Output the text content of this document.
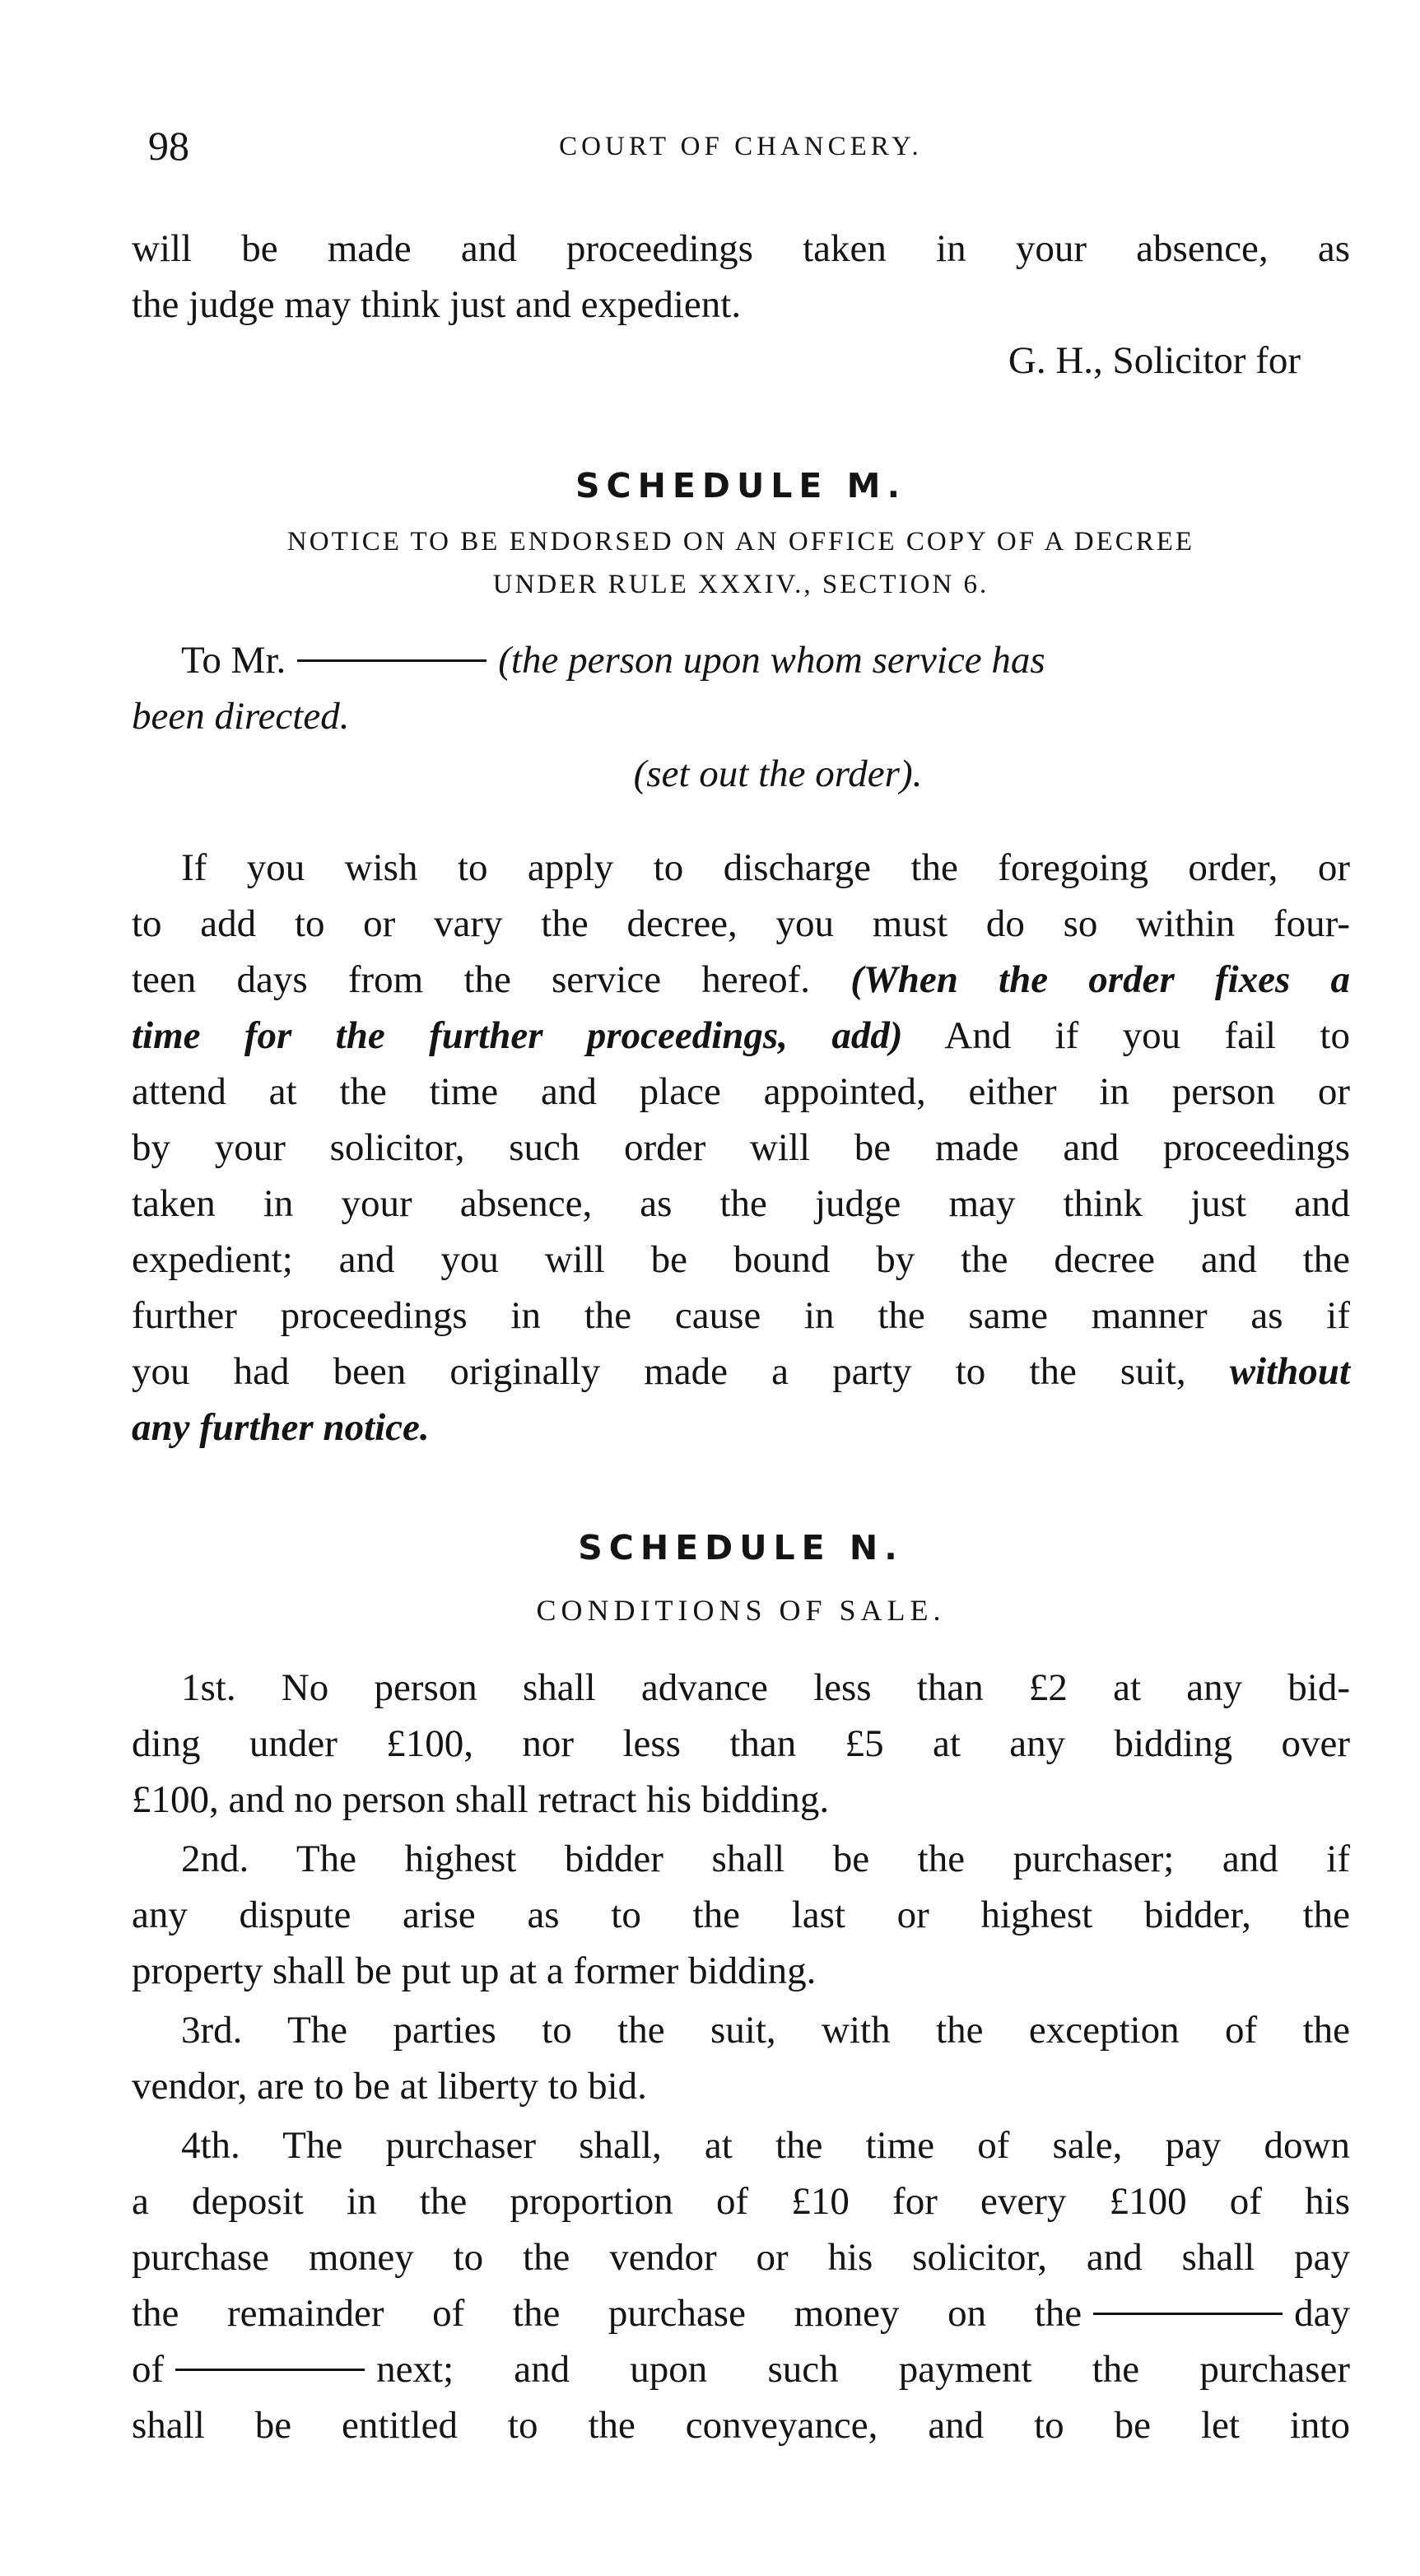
98	COURT OF CHANCERY.
will be made and proceedings taken in your absence, as
the judge may think just and expedient.
G. H., Solicitor for
SCHEDULE M.
NOTICE TO BE ENDORSED ON AN OFFICE COPY OF A DECREE
UNDER RULE XXXIV., SECTION 6.
To Mr.	(the person upon whom service has
been directed.
(set out the order).
If you wish to apply to discharge the foregoing order, or
to add to or vary the decree, you must do so within four-
teen days from the service hereof. (When the order fixes a
time for the further proceedings, add) And if you fail to
attend at the time and place appointed, either in person or
by your solicitor, such order will be made and proceedings
taken in your absence, as the judge may think just and
expedient; and you will be bound by the decree and the
further proceedings in the cause in the same manner as if
you had been originally made a party to the suit, without
any further notice.
SCHEDULE N.
CONDITIONS OF SALE.
1st. No person shall advance less than £2 at any bid-
ding under £100, nor less than £5 at any bidding over
£100, and no person shall retract his bidding.
2nd. The highest bidder shall be the purchaser; and if
any dispute arise as to the last or highest bidder, the
property shall be put up at a former bidding.
3rd. The parties to the suit, with the exception of the
vendor, are to be at liberty to bid.
4th. The purchaser shall, at the time of sale, pay down
a deposit in the proportion of £10 for every £100 of his
purchase money to the vendor or his solicitor, and shall pay
the remainder of the purchase money on the	day
of	next; and upon such payment the purchaser
shall be entitled to the conveyance, and to be let into
